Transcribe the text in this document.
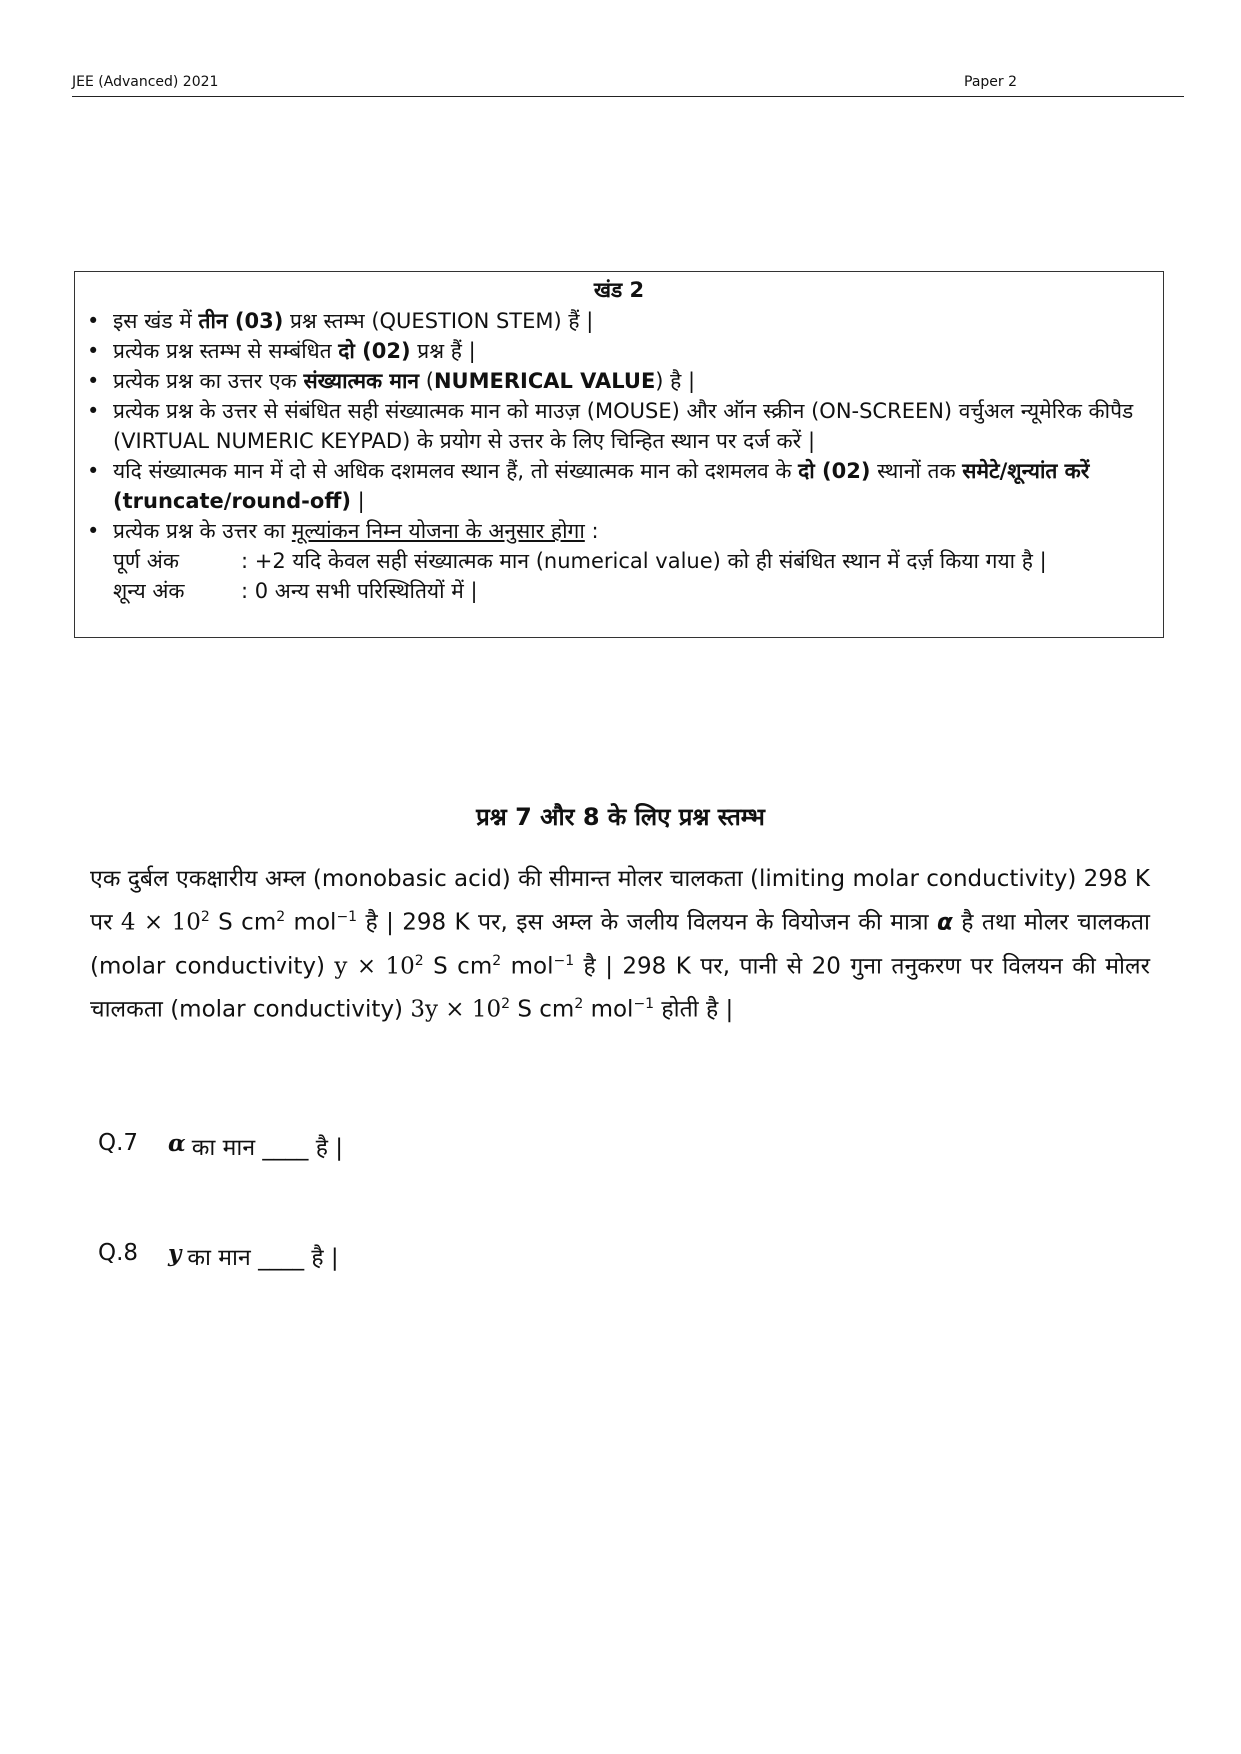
JEE (Advanced) 2021	Paper 2
खंड 2
• इस खंड में तीन (03) प्रश्न स्तम्भ (QUESTION STEM) हैं |
• प्रत्येक प्रश्न स्तम्भ से सम्बंधित दो (02) प्रश्न हैं |
• प्रत्येक प्रश्न का उत्तर एक संख्यात्मक मान (NUMERICAL VALUE) है |
• प्रत्येक प्रश्न के उत्तर से संबंधित सही संख्यात्मक मान को माउज़ (MOUSE) और ऑन स्क्रीन (ON-SCREEN) वर्चुअल न्यूमेरिक कीपैड (VIRTUAL NUMERIC KEYPAD) के प्रयोग से उत्तर के लिए चिन्हित स्थान पर दर्ज करें |
• यदि संख्यात्मक मान में दो से अधिक दशमलव स्थान हैं, तो संख्यात्मक मान को दशमलव के दो (02) स्थानों तक समेटे/शून्यांत करें (truncate/round-off) |
• प्रत्येक प्रश्न के उत्तर का मूल्यांकन निम्न योजना के अनुसार होगा :
पूर्ण अंक	: +2 यदि केवल सही संख्यात्मक मान (numerical value) को ही संबंधित स्थान में दर्ज़ किया गया है |
शून्य अंक	: 0 अन्य सभी परिस्थितियों में |
प्रश्न 7 और 8 के लिए प्रश्न स्तम्भ
एक दुर्बल एकक्षारीय अम्ल (monobasic acid) की सीमान्त मोलर चालकता (limiting molar conductivity) 298 K पर $4 \times 10^2$ S $cm^2$ mol$^{-1}$ है | 298 K पर, इस अम्ल के जलीय विलयन के वियोजन की मात्रा α है तथा मोलर चालकता (molar conductivity) $y \times 10^2$ S $cm^2$ mol$^{-1}$ है | 298 K पर, पानी से 20 गुना तनुकरण पर विलयन की मोलर चालकता (molar conductivity) $3y \times 10^2$ S $cm^2$ mol$^{-1}$ होती है |
Q.7	α का मान ____ है |
Q.8	y का मान ____ है |
